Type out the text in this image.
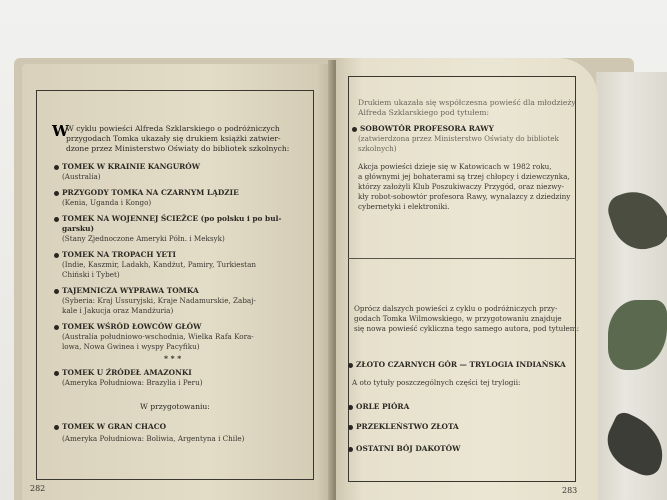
W
W cyklu powieści Alfreda Szklarskiego o podróżniczych
przygodach Tomka ukazały się drukiem książki zatwier-
dzone przez Ministerstwo Oświaty do bibliotek szkolnych:
TOMEK W KRAINIE KANGURÓW
(Australia)
PRZYGODY TOMKA NA CZARNYM LĄDZIE
(Kenia, Uganda i Kongo)
TOMEK NA WOJENNEJ ŚCIEŻCE (po polsku i po bul-
garsku)
(Stany Zjednoczone Ameryki Półn. i Meksyk)
TOMEK NA TROPACH YETI
(Indie, Kaszmir, Ladakh, Kandżut, Pamiry, Turkiestan
Chiński i Tybet)
TAJEMNICZA WYPRAWA TOMKA
(Syberia: Kraj Ussuryjski, Kraje Nadamurskie, Zabaj-
kale i Jakucja oraz Mandżuria)
TOMEK WŚRÓD ŁOWCÓW GŁÓW
(Australia południowo-wschodnia, Wielka Rafa Kora-
lowa, Nowa Gwinea i wyspy Pacyfiku)
* * *
TOMEK U ŹRÓDEŁ AMAZONKI
(Ameryka Południowa: Brazylia i Peru)
W przygotowaniu:
TOMEK W GRAN CHACO
(Ameryka Południowa: Boliwia, Argentyna i Chile)
282
Drukiem ukazała się współczesna powieść dla młodzieży
Alfreda Szklarskiego pod tytułem:
SOBOWTÓR PROFESORA RAWY
(zatwierdzona przez Ministerstwo Oświaty do bibliotek
szkolnych)
Akcja powieści dzieje się w Katowicach w 1982 roku,
a głównymi jej bohaterami są trzej chłopcy i dziewczynka,
którzy założyli Klub Poszukiwaczy Przygód, oraz niezwy-
kły robot-sobowtór profesora Rawy, wynalazcy z dziedziny
cybernetyki i elektroniki.
Oprócz dalszych powieści z cyklu o podróżniczych przy-
godach Tomka Wilmowskiego, w przygotowaniu znajduje
się nowa powieść cykliczna tego samego autora, pod tytułem:
ZŁOTO CZARNYCH GÓR — TRYLOGIA INDIAŃSKA
A oto tytuły poszczególnych części tej trylogii:
ORLE PIÓRA
PRZEKLEŃSTWO ZŁOTA
OSTATNI BÓJ DAKOTÓW
283
